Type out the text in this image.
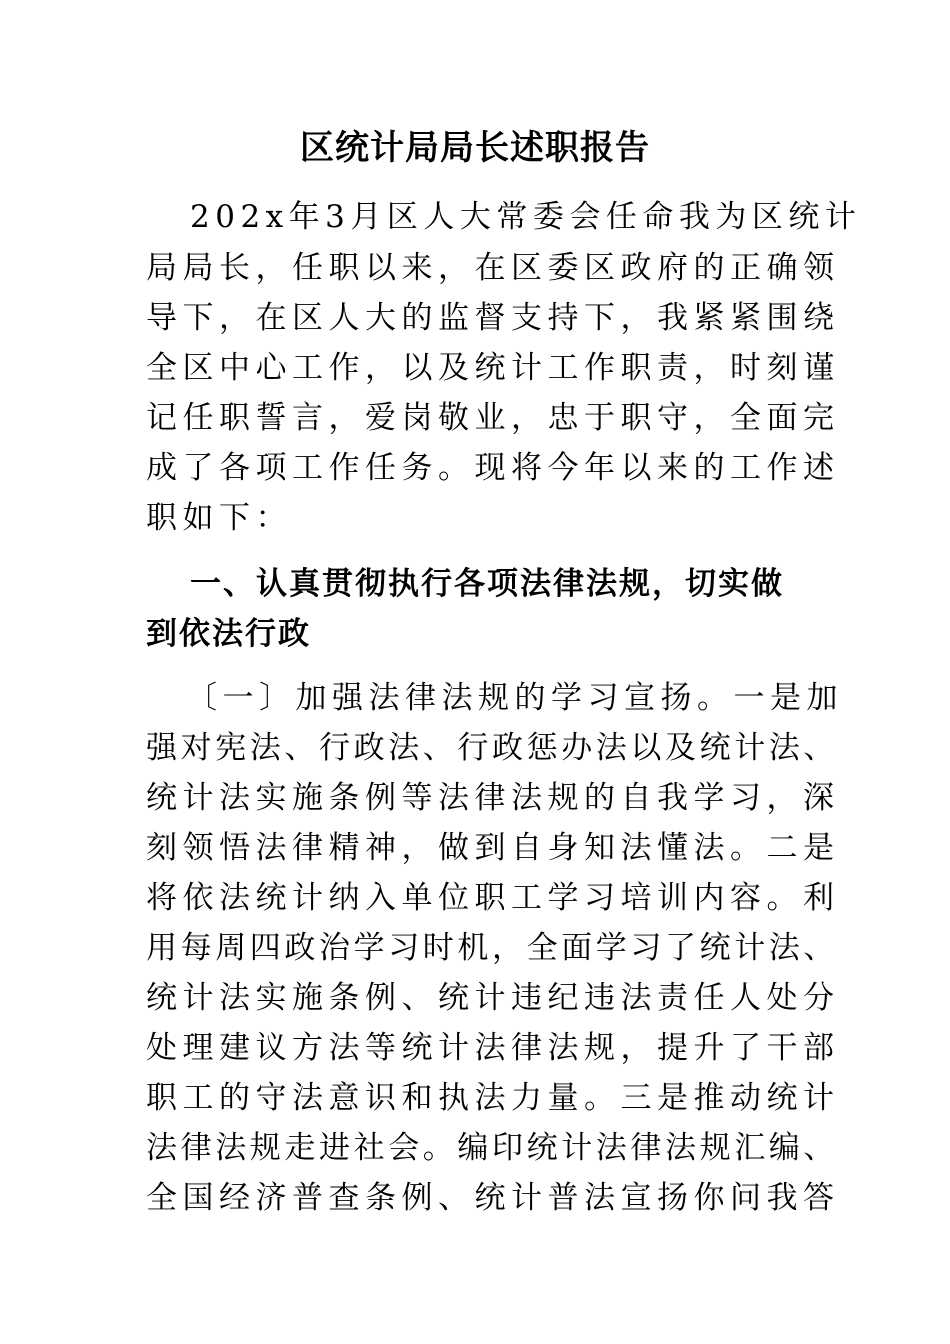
区统计局局长述职报告

202x年3月区人大常委会任命我为区统计

局局长，任职以来，在区委区政府的正确领

导下，在区人大的监督支持下，我紧紧围绕

全区中心工作，以及统计工作职责，时刻谨

记任职誓言，爱岗敬业，忠于职守，全面完

成了各项工作任务。现将今年以来的工作述

职如下：

一、认真贯彻执行各项法律法规，切实做

到依法行政

〔一〕加强法律法规的学习宣扬。一是加

强对宪法、行政法、行政惩办法以及统计法、

统计法实施条例等法律法规的自我学习，深

刻领悟法律精神，做到自身知法懂法。二是

将依法统计纳入单位职工学习培训内容。利

用每周四政治学习时机，全面学习了统计法、

统计法实施条例、统计违纪违法责任人处分

处理建议方法等统计法律法规，提升了干部

职工的守法意识和执法力量。三是推动统计

法律法规走进社会。编印统计法律法规汇编、

全国经济普查条例、统计普法宣扬你问我答
